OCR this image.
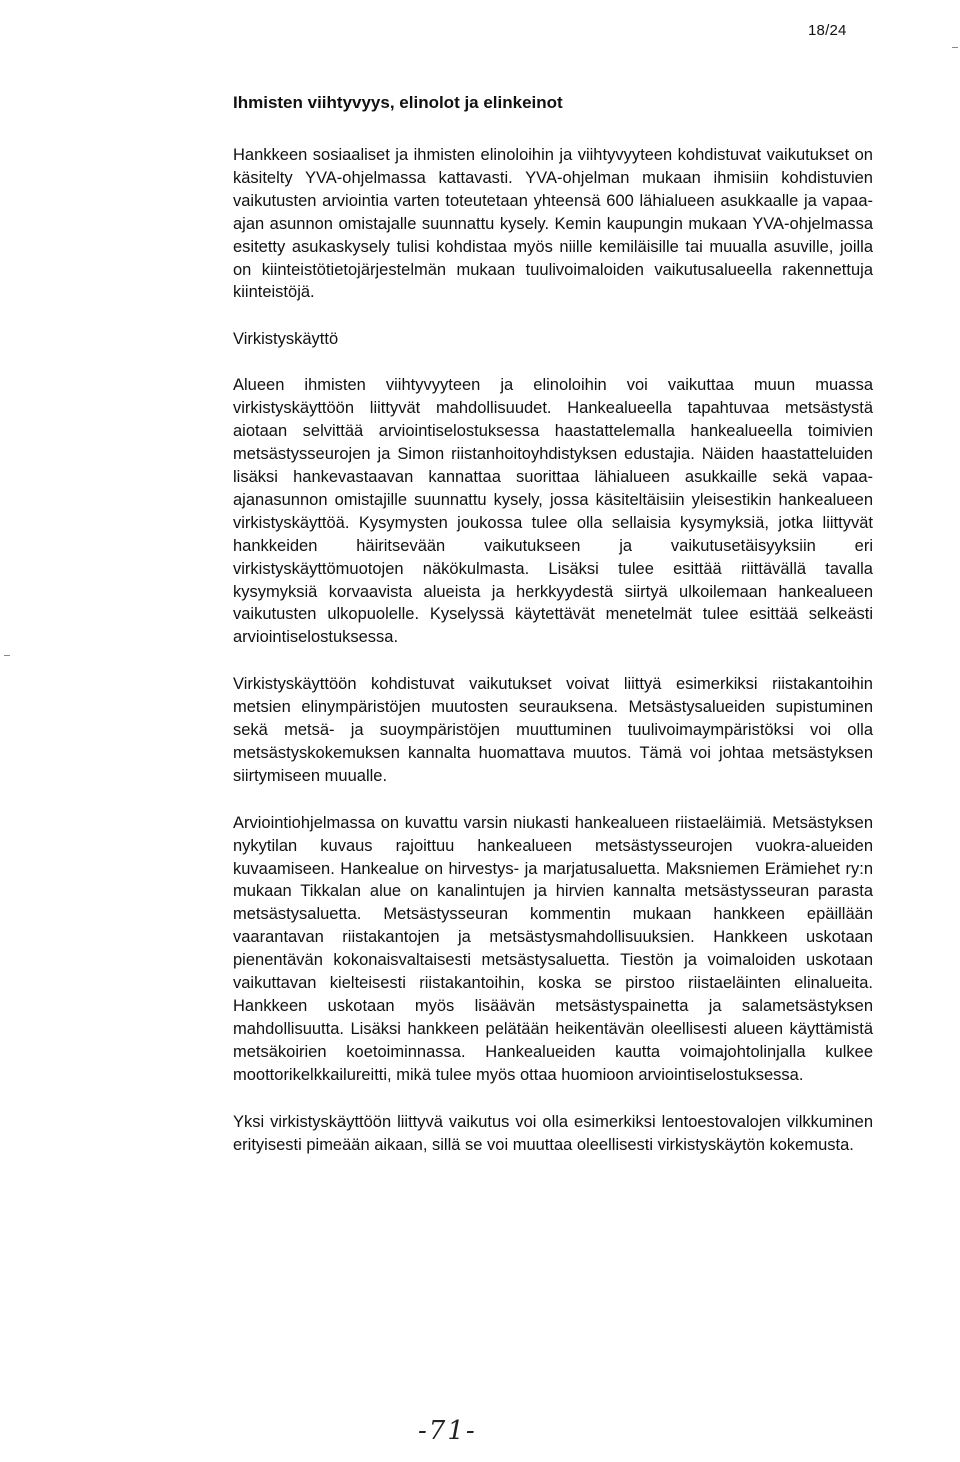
18/24
Ihmisten viihtyvyys, elinolot ja elinkeinot

Hankkeen sosiaaliset ja ihmisten elinoloihin ja viihtyvyyteen kohdistuvat vaikutukset on käsitelty YVA-ohjelmassa kattavasti. YVA-ohjelman mukaan ihmisiin kohdistuvien vaikutusten arviointia varten toteutetaan yhteensä 600 lähialueen asukkaalle ja vapaa-ajan asunnon omistajalle suunnattu kysely. Kemin kaupungin mukaan YVA-ohjelmassa esitetty asukaskysely tulisi kohdistaa myös niille kemiläisille tai muualla asuville, joilla on kiinteistötietojärjestelmän mukaan tuulivoimaloiden vaikutusalueella rakennettuja kiinteistöjä.

Virkistyskäyttö

Alueen ihmisten viihtyvyyteen ja elinoloihin voi vaikuttaa muun muassa virkistyskäyttöön liittyvät mahdollisuudet. Hankealueella tapahtuvaa metsästystä aiotaan selvittää arviointiselostuksessa haastattelemalla hankealueella toimivien metsästysseurojen ja Simon riistanhoitoyhdistyksen edustajia. Näiden haastatteluiden lisäksi hankevastaavan kannattaa suorittaa lähialueen asukkaille sekä vapaa-ajanasunnon omistajille suunnattu kysely, jossa käsiteltäisiin yleisestikin hankealueen virkistyskäyttöä. Kysymysten joukossa tulee olla sellaisia kysymyksiä, jotka liittyvät hankkeiden häiritsevään vaikutukseen ja vaikutusetäisyyksiin eri virkistyskäyttömuotojen näkökulmasta. Lisäksi tulee esittää riittävällä tavalla kysymyksiä korvaavista alueista ja herkkyydestä siirtyä ulkoilemaan hankealueen vaikutusten ulkopuolelle. Kyselyssä käytettävät menetelmät tulee esittää selkeästi arviointiselostuksessa.

Virkistyskäyttöön kohdistuvat vaikutukset voivat liittyä esimerkiksi riistakantoihin metsien elinympäristöjen muutosten seurauksena. Metsästysalueiden supistuminen sekä metsä- ja suoympäristöjen muuttuminen tuulivoimaympäristöksi voi olla metsästyskokemuksen kannalta huomattava muutos. Tämä voi johtaa metsästyksen siirtymiseen muualle.

Arviointiohjelmassa on kuvattu varsin niukasti hankealueen riistaeläimiä. Metsästyksen nykytilan kuvaus rajoittuu hankealueen metsästysseurojen vuokra-alueiden kuvaamiseen. Hankealue on hirvestys- ja marjatusaluetta. Maksniemen Erämiehet ry:n mukaan Tikkalan alue on kanalintujen ja hirvien kannalta metsästysseuran parasta metsästysaluetta. Metsästysseuran kommentin mukaan hankkeen epäillään vaarantavan riistakantojen ja metsästysmahdollisuuksien. Hankkeen uskotaan pienentävän kokonaisvaltaisesti metsästysaluetta. Tiestön ja voimaloiden uskotaan vaikuttavan kielteisesti riistakantoihin, koska se pirstoo riistaeläinten elinalueita. Hankkeen uskotaan myös lisäävän metsästyspainetta ja salametsästyksen mahdollisuutta. Lisäksi hankkeen pelätään heikentävän oleellisesti alueen käyttämistä metsäkoirien koetoiminnassa. Hankealueiden kautta voimajohtolinjalla kulkee moottorikelkkailureitti, mikä tulee myös ottaa huomioon arviointiselostuksessa.

Yksi virkistyskäyttöön liittyvä vaikutus voi olla esimerkiksi lentoestovalojen vilkkuminen erityisesti pimeään aikaan, sillä se voi muuttaa oleellisesti virkistyskäytön kokemusta.

-71-
